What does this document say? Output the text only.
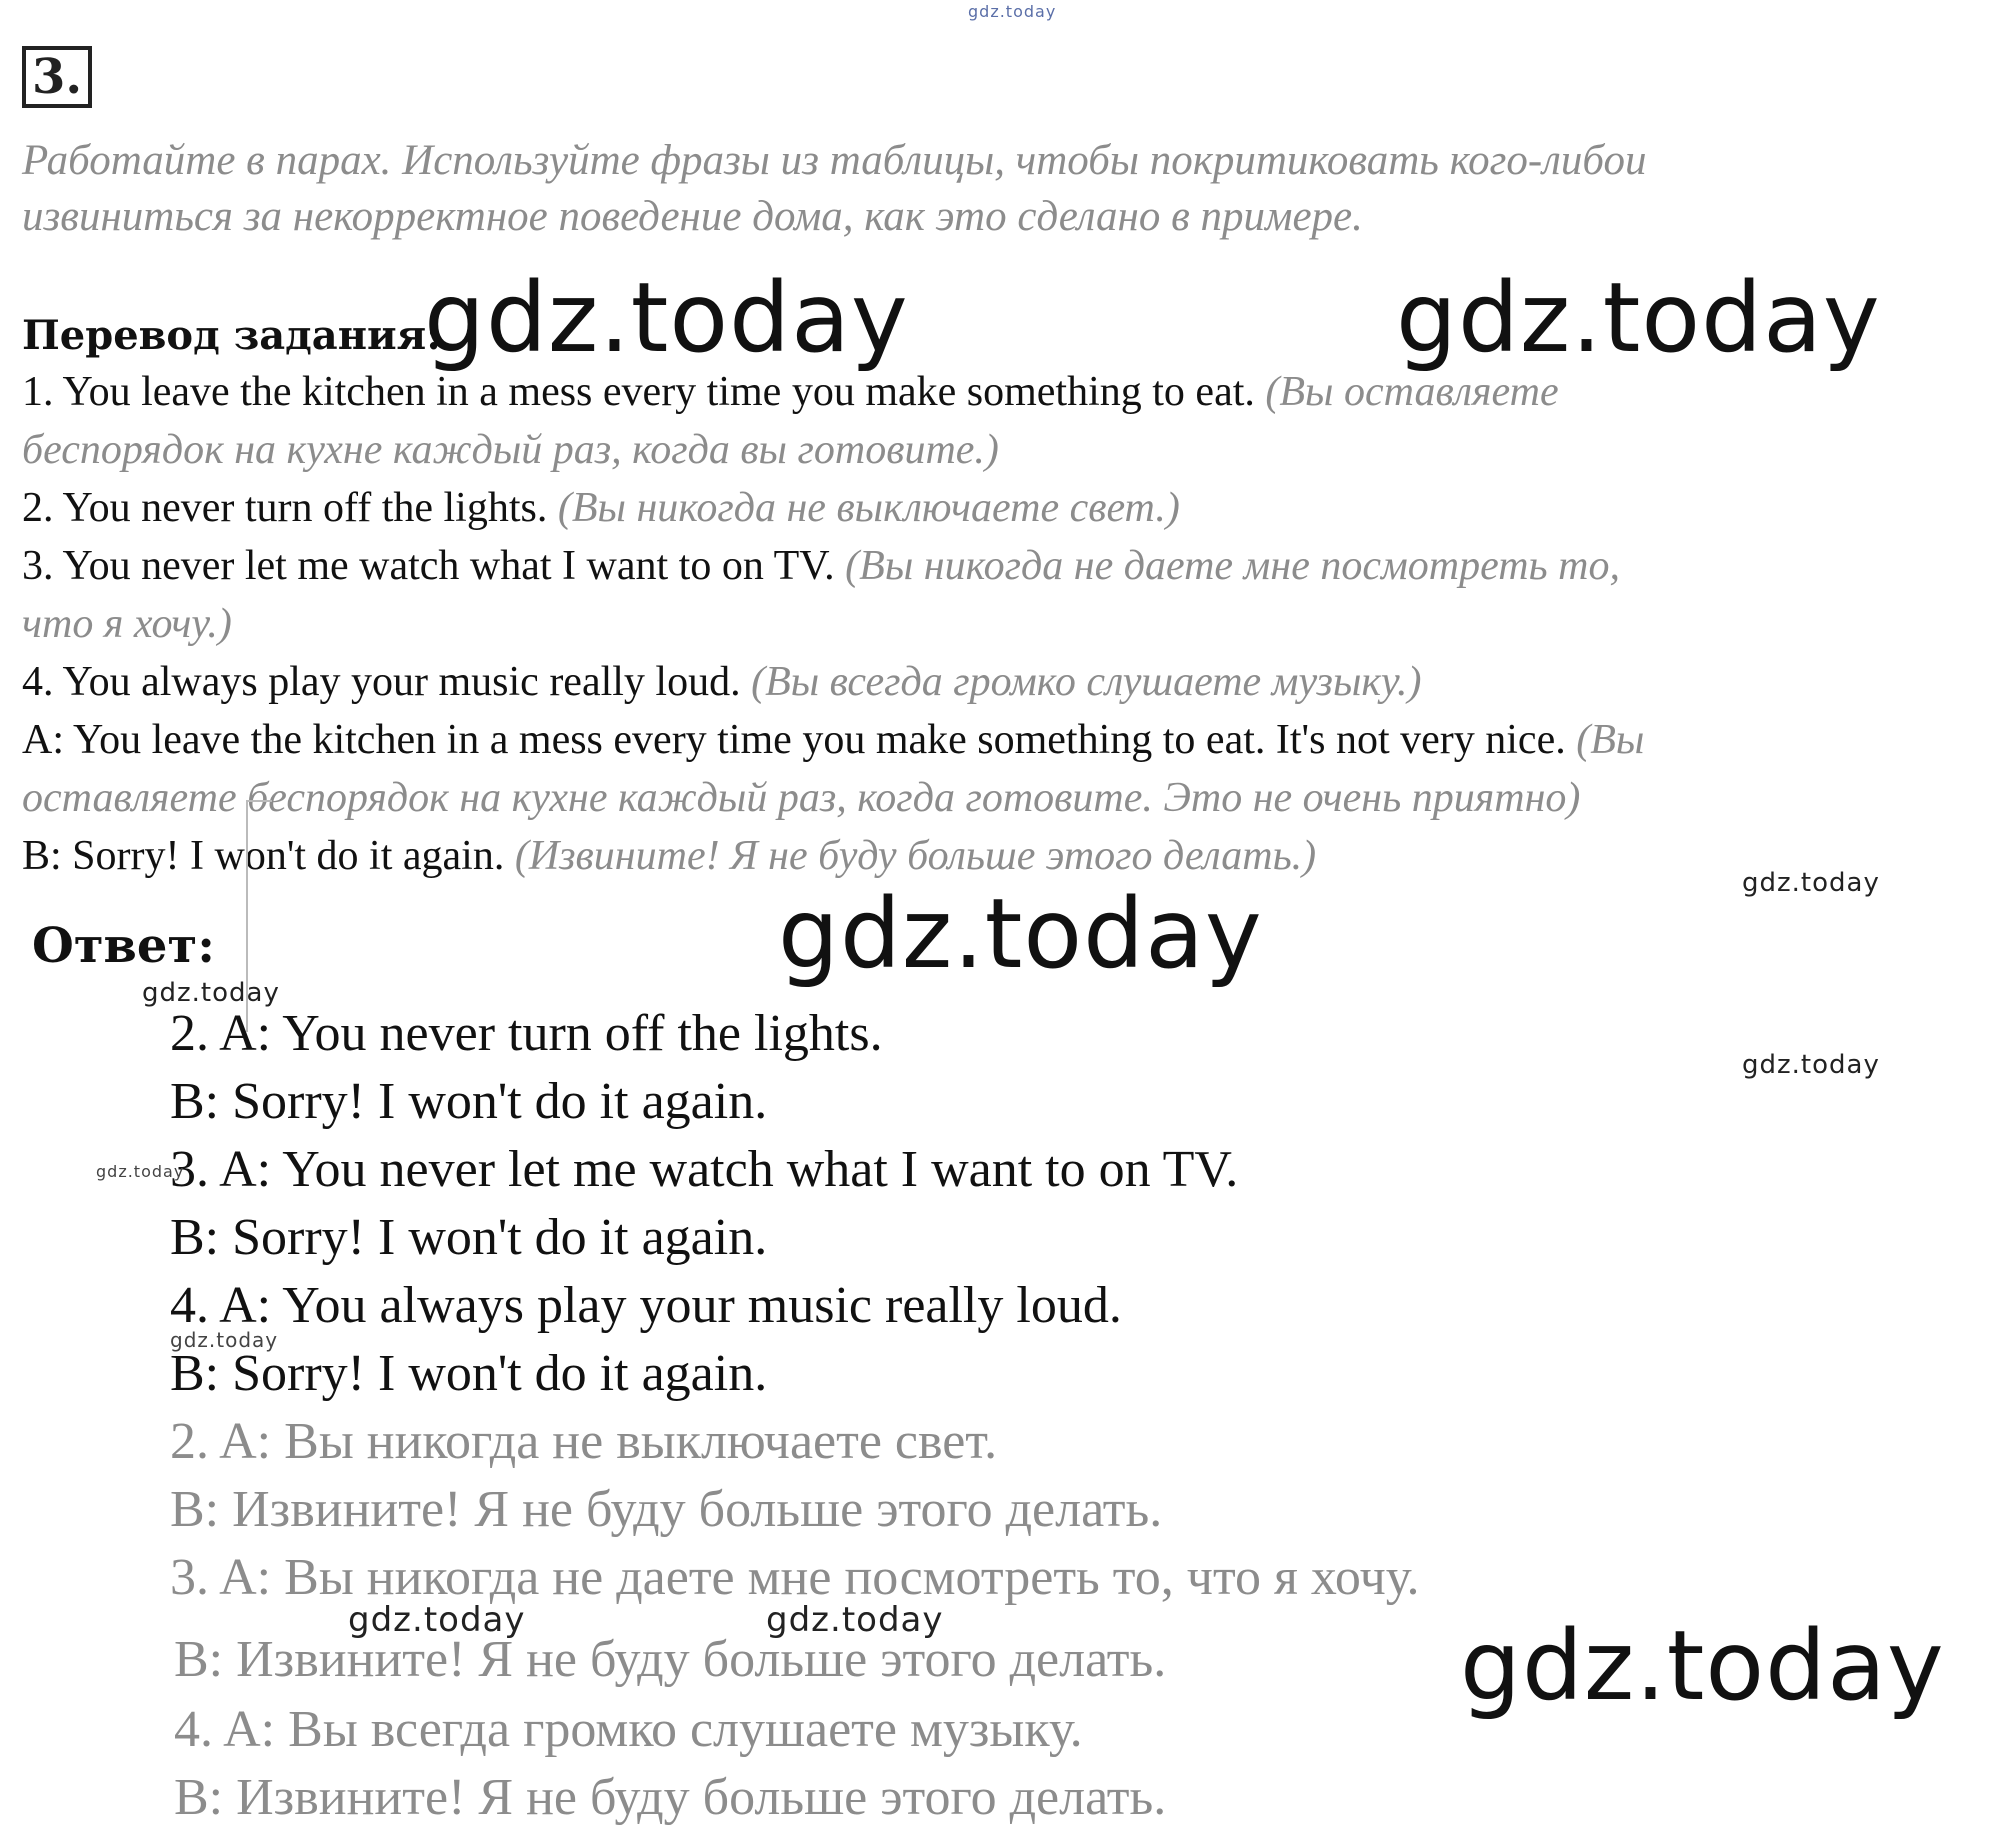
gdz.today
3.
Работайте в парах. Используйте фразы из таблицы, чтобы покритиковать кого-либои
извиниться за некорректное поведение дома, как это сделано в примере.
Перевод задания:
1. You leave the kitchen in a mess every time you make something to eat. (Вы оставляете
беспорядок на кухне каждый раз, когда вы готовите.)
2. You never turn off the lights. (Вы никогда не выключаете свет.)
3. You never let me watch what I want to on TV. (Вы никогда не даете мне посмотреть то,
что я хочу.)
4. You always play your music really loud. (Вы всегда громко слушаете музыку.)
A: You leave the kitchen in a mess every time you make something to eat. It's not very nice. (Вы
оставляете беспорядок на кухне каждый раз, когда готовите. Это не очень приятно)
B: Sorry! I won't do it again. (Извините! Я не буду больше этого делать.)
Ответ:
2. A: You never turn off the lights.
B: Sorry! I won't do it again.
3. A: You never let me watch what I want to on TV.
B: Sorry! I won't do it again.
4. A: You always play your music really loud.
B: Sorry! I won't do it again.
2. A: Вы никогда не выключаете свет.
B: Извините! Я не буду больше этого делать.
3. A: Вы никогда не даете мне посмотреть то, что я хочу.
B: Извините! Я не буду больше этого делать.
4. A: Вы всегда громко слушаете музыку.
B: Извините! Я не буду больше этого делать.
gdz.today	gdz.today
gdz.today
gdz.today
gdz.today
gdz.today
gdz.today
gdz.today	gdz.today
gdz.today
gdz.today
